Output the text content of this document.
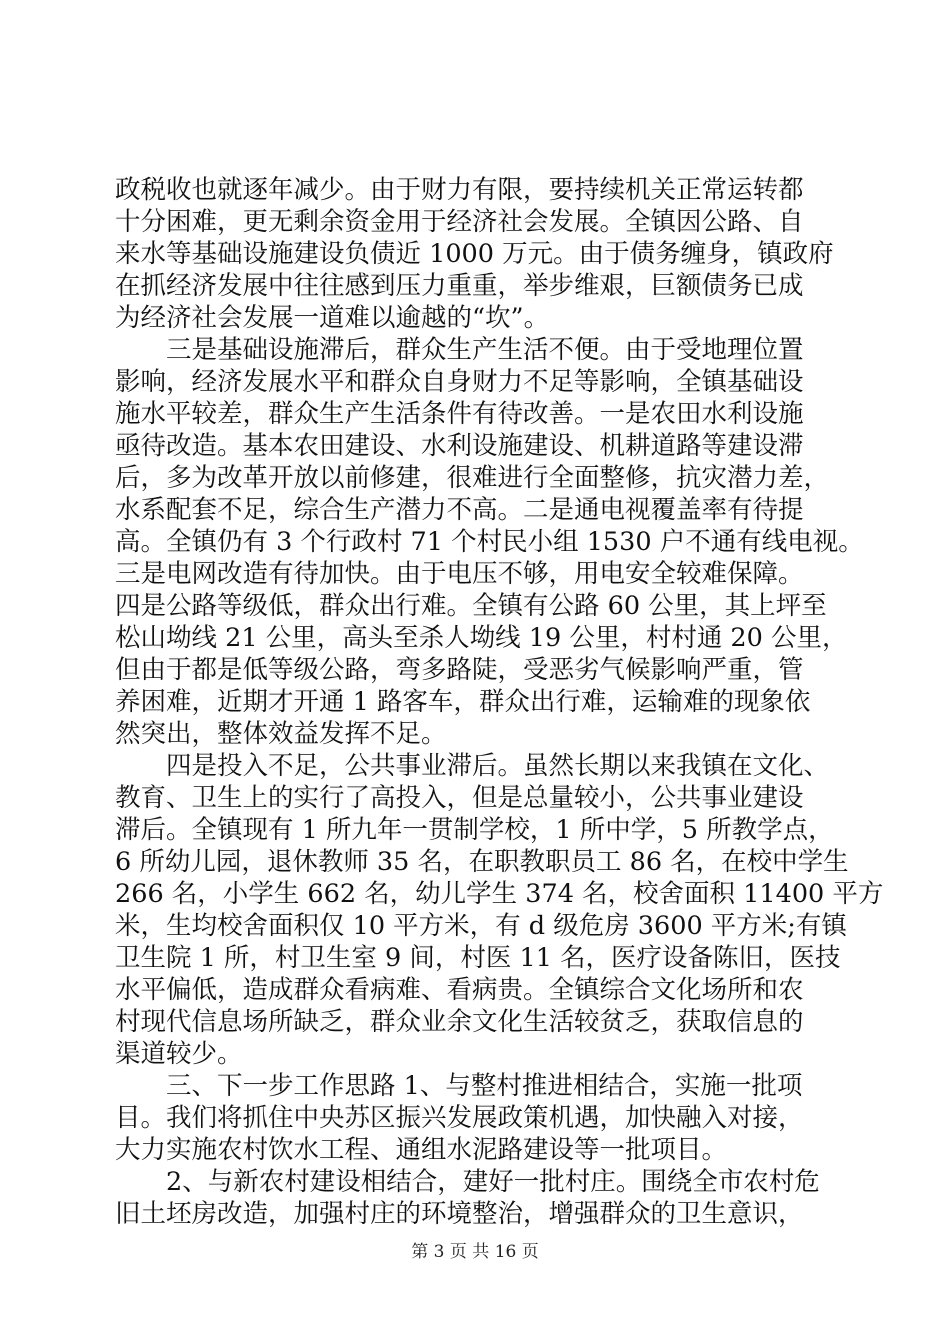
政税收也就逐年减少。由于财力有限，要持续机关正常运转都
十分困难，更无剩余资金用于经济社会发展。全镇因公路、自
来水等基础设施建设负债近 1000 万元。由于债务缠身，镇政府
在抓经济发展中往往感到压力重重，举步维艰，巨额债务已成
为经济社会发展一道难以逾越的“坎”。
　　三是基础设施滞后，群众生产生活不便。由于受地理位置
影响，经济发展水平和群众自身财力不足等影响，全镇基础设
施水平较差，群众生产生活条件有待改善。一是农田水利设施
亟待改造。基本农田建设、水利设施建设、机耕道路等建设滞
后，多为改革开放以前修建，很难进行全面整修，抗灾潜力差，
水系配套不足，综合生产潜力不高。二是通电视覆盖率有待提
高。全镇仍有 3 个行政村 71 个村民小组 1530 户不通有线电视。
三是电网改造有待加快。由于电压不够，用电安全较难保障。
四是公路等级低，群众出行难。全镇有公路 60 公里，其上坪至
松山坳线 21 公里，高头至杀人坳线 19 公里，村村通 20 公里，
但由于都是低等级公路，弯多路陡，受恶劣气候影响严重，管
养困难，近期才开通 1 路客车，群众出行难，运输难的现象依
然突出，整体效益发挥不足。
　　四是投入不足，公共事业滞后。虽然长期以来我镇在文化、
教育、卫生上的实行了高投入，但是总量较小，公共事业建设
滞后。全镇现有 1 所九年一贯制学校，1 所中学，5 所教学点，
6 所幼儿园，退休教师 35 名，在职教职员工 86 名，在校中学生
266 名，小学生 662 名，幼儿学生 374 名，校舍面积 11400 平方
米，生均校舍面积仅 10 平方米，有 d 级危房 3600 平方米;有镇
卫生院 1 所，村卫生室 9 间，村医 11 名，医疗设备陈旧，医技
水平偏低，造成群众看病难、看病贵。全镇综合文化场所和农
村现代信息场所缺乏，群众业余文化生活较贫乏，获取信息的
渠道较少。
　　三、下一步工作思路 1、与整村推进相结合，实施一批项
目。我们将抓住中央苏区振兴发展政策机遇，加快融入对接，
大力实施农村饮水工程、通组水泥路建设等一批项目。
　　2、与新农村建设相结合，建好一批村庄。围绕全市农村危
旧土坯房改造，加强村庄的环境整治，增强群众的卫生意识，
第 3 页 共 16 页
